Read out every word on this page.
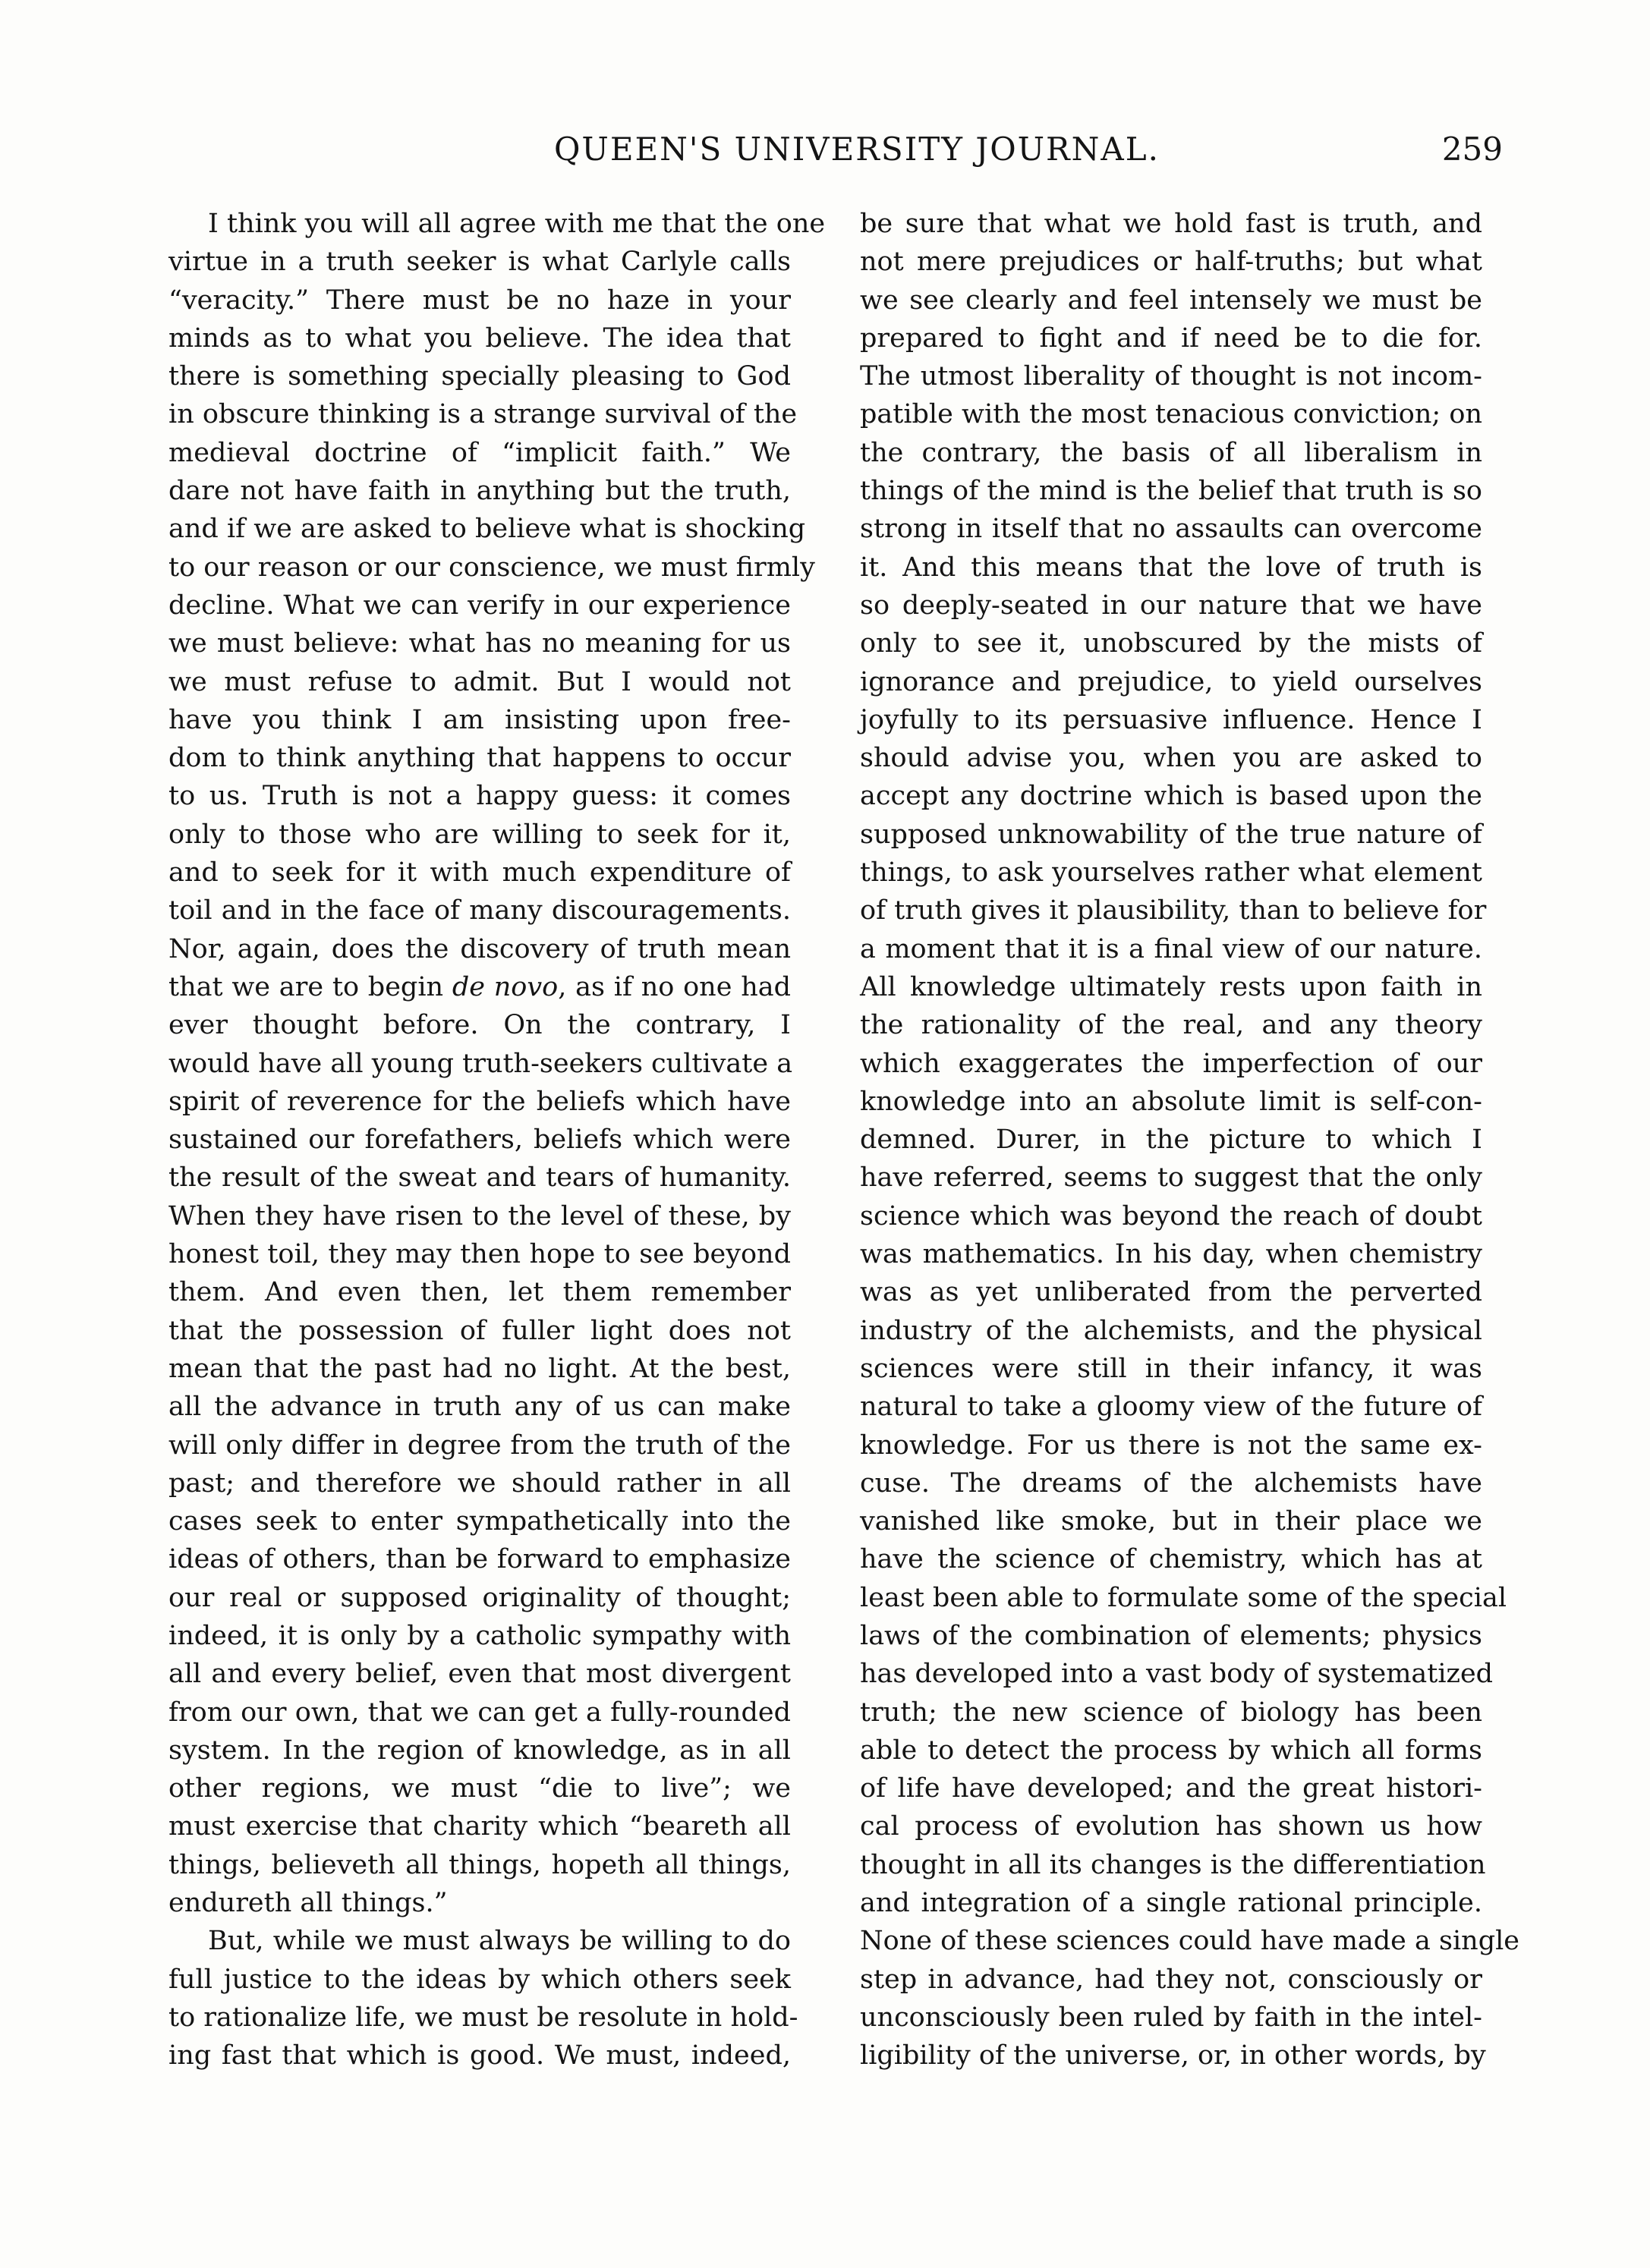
QUEEN'S UNIVERSITY JOURNAL.	259
I think you will all agree with me that the one
virtue in a truth seeker is what Carlyle calls
“veracity.” There must be no haze in your
minds as to what you believe. The idea that
there is something specially pleasing to God
in obscure thinking is a strange survival of the
medieval doctrine of “implicit faith.” We
dare not have faith in anything but the truth,
and if we are asked to believe what is shocking
to our reason or our conscience, we must firmly
decline. What we can verify in our experience
we must believe: what has no meaning for us
we must refuse to admit. But I would not
have you think I am insisting upon free-
dom to think anything that happens to occur
to us. Truth is not a happy guess: it comes
only to those who are willing to seek for it,
and to seek for it with much expenditure of
toil and in the face of many discouragements.
Nor, again, does the discovery of truth mean
that we are to begin de novo, as if no one had
ever thought before. On the contrary, I
would have all young truth-seekers cultivate a
spirit of reverence for the beliefs which have
sustained our forefathers, beliefs which were
the result of the sweat and tears of humanity.
When they have risen to the level of these, by
honest toil, they may then hope to see beyond
them. And even then, let them remember
that the possession of fuller light does not
mean that the past had no light. At the best,
all the advance in truth any of us can make
will only differ in degree from the truth of the
past; and therefore we should rather in all
cases seek to enter sympathetically into the
ideas of others, than be forward to emphasize
our real or supposed originality of thought;
indeed, it is only by a catholic sympathy with
all and every belief, even that most divergent
from our own, that we can get a fully-rounded
system. In the region of knowledge, as in all
other regions, we must “die to live”; we
must exercise that charity which “beareth all
things, believeth all things, hopeth all things,
endureth all things.”
But, while we must always be willing to do
full justice to the ideas by which others seek
to rationalize life, we must be resolute in hold-
ing fast that which is good. We must, indeed,
be sure that what we hold fast is truth, and
not mere prejudices or half-truths; but what
we see clearly and feel intensely we must be
prepared to fight and if need be to die for.
The utmost liberality of thought is not incom-
patible with the most tenacious conviction; on
the contrary, the basis of all liberalism in
things of the mind is the belief that truth is so
strong in itself that no assaults can overcome
it. And this means that the love of truth is
so deeply-seated in our nature that we have
only to see it, unobscured by the mists of
ignorance and prejudice, to yield ourselves
joyfully to its persuasive influence. Hence I
should advise you, when you are asked to
accept any doctrine which is based upon the
supposed unknowability of the true nature of
things, to ask yourselves rather what element
of truth gives it plausibility, than to believe for
a moment that it is a final view of our nature.
All knowledge ultimately rests upon faith in
the rationality of the real, and any theory
which exaggerates the imperfection of our
knowledge into an absolute limit is self-con-
demned. Durer, in the picture to which I
have referred, seems to suggest that the only
science which was beyond the reach of doubt
was mathematics. In his day, when chemistry
was as yet unliberated from the perverted
industry of the alchemists, and the physical
sciences were still in their infancy, it was
natural to take a gloomy view of the future of
knowledge. For us there is not the same ex-
cuse. The dreams of the alchemists have
vanished like smoke, but in their place we
have the science of chemistry, which has at
least been able to formulate some of the special
laws of the combination of elements; physics
has developed into a vast body of systematized
truth; the new science of biology has been
able to detect the process by which all forms
of life have developed; and the great histori-
cal process of evolution has shown us how
thought in all its changes is the differentiation
and integration of a single rational principle.
None of these sciences could have made a single
step in advance, had they not, consciously or
unconsciously been ruled by faith in the intel-
ligibility of the universe, or, in other words, by
